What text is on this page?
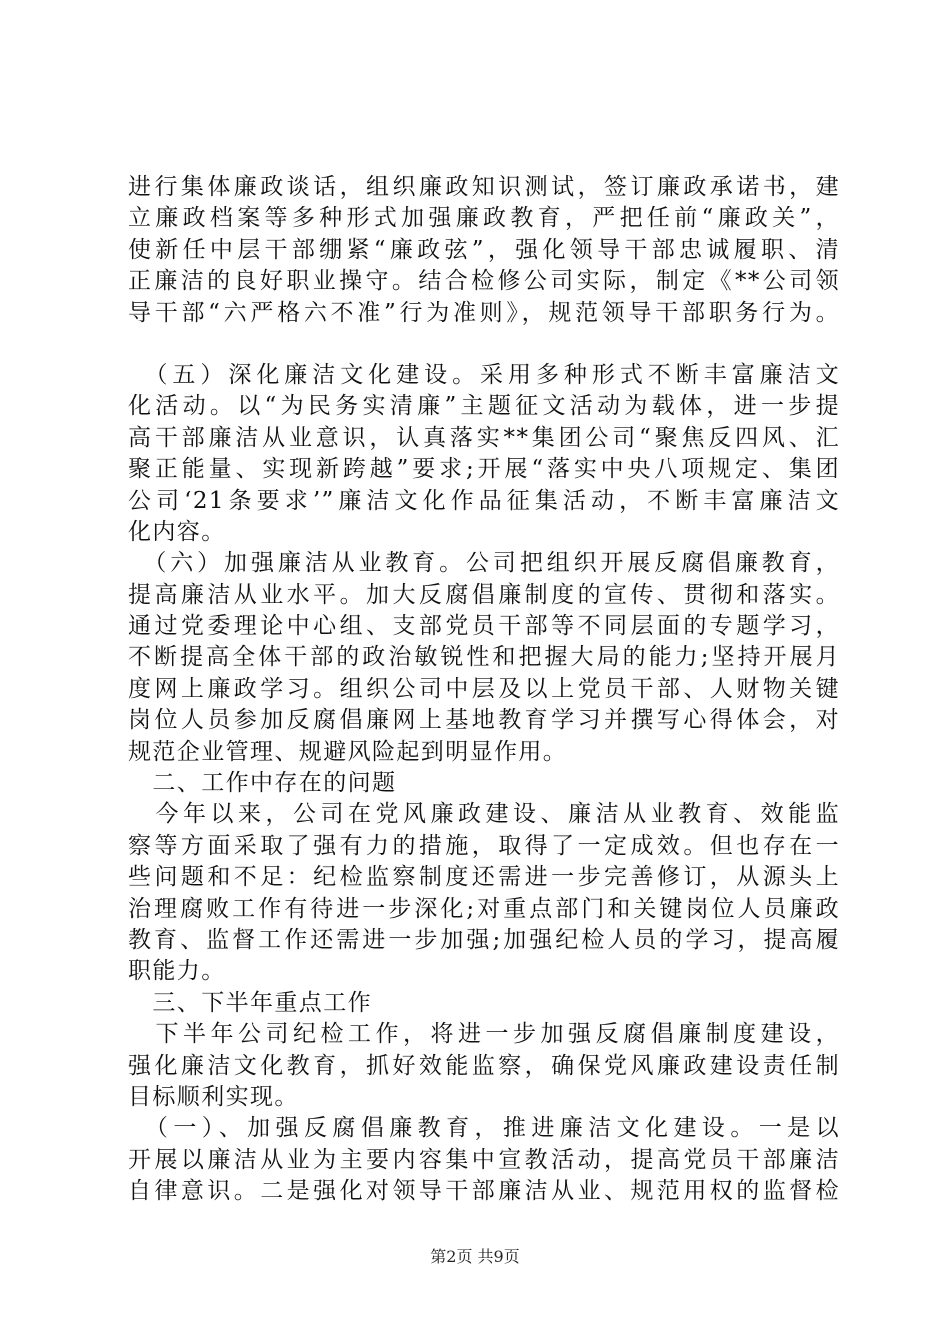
进行集体廉政谈话，组织廉政知识测试，签订廉政承诺书，建
立廉政档案等多种形式加强廉政教育，严把任前“廉政关”，
使新任中层干部绷紧“廉政弦”，强化领导干部忠诚履职、清
正廉洁的良好职业操守。结合检修公司实际，制定《**公司领
导干部“六严格六不准”行为准则》，规范领导干部职务行为。
　（五）深化廉洁文化建设。采用多种形式不断丰富廉洁文
化活动。以“为民务实清廉”主题征文活动为载体，进一步提
高干部廉洁从业意识，认真落实**集团公司“聚焦反四风、汇
聚正能量、实现新跨越”要求;开展“落实中央八项规定、集团
公司‘21条要求’”廉洁文化作品征集活动，不断丰富廉洁文
化内容。
　（六）加强廉洁从业教育。公司把组织开展反腐倡廉教育，
提高廉洁从业水平。加大反腐倡廉制度的宣传、贯彻和落实。
通过党委理论中心组、支部党员干部等不同层面的专题学习，
不断提高全体干部的政治敏锐性和把握大局的能力;坚持开展月
度网上廉政学习。组织公司中层及以上党员干部、人财物关键
岗位人员参加反腐倡廉网上基地教育学习并撰写心得体会，对
规范企业管理、规避风险起到明显作用。
　二、工作中存在的问题
　今年以来，公司在党风廉政建设、廉洁从业教育、效能监
察等方面采取了强有力的措施，取得了一定成效。但也存在一
些问题和不足：纪检监察制度还需进一步完善修订，从源头上
治理腐败工作有待进一步深化;对重点部门和关键岗位人员廉政
教育、监督工作还需进一步加强;加强纪检人员的学习，提高履
职能力。
　三、下半年重点工作
　下半年公司纪检工作，将进一步加强反腐倡廉制度建设，
强化廉洁文化教育，抓好效能监察，确保党风廉政建设责任制
目标顺利实现。
　（一）、加强反腐倡廉教育，推进廉洁文化建设。一是以
开展以廉洁从业为主要内容集中宣教活动，提高党员干部廉洁
自律意识。二是强化对领导干部廉洁从业、规范用权的监督检
第2页 共9页
